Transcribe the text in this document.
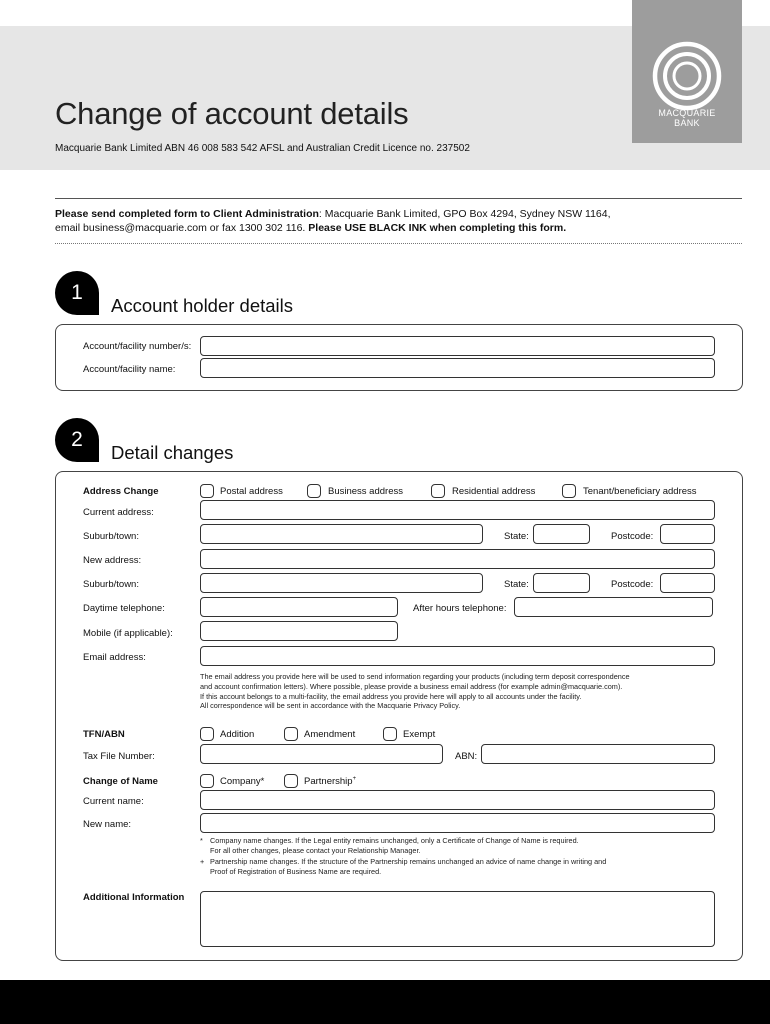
MACQUARIE
BANK
Change of account details
Macquarie Bank Limited ABN 46 008 583 542 AFSL and Australian Credit Licence no. 237502
Please send completed form to Client Administration: Macquarie Bank Limited, GPO Box 4294, Sydney NSW 1164,
email business@macquarie.com or fax 1300 302 116. Please USE BLACK INK when completing this form.
1
Account holder details
Account/facility number/s:
Account/facility name:
2
Detail changes
Address Change	Postal address	Business address	Residential address	Tenant/beneficiary address
Current address:
Suburb/town:	State:	Postcode:
New address:
Suburb/town:	State:	Postcode:
Daytime telephone:	After hours telephone:
Mobile (if applicable):
Email address:
The email address you provide here will be used to send information regarding your products (including term deposit correspondence
and account confirmation letters). Where possible, please provide a business email address (for example admin@macquarie.com).
If this account belongs to a multi-facility, the email address you provide here will apply to all accounts under the facility.
All correspondence will be sent in accordance with the Macquarie Privacy Policy.
TFN/ABN	Addition	Amendment	Exempt
Tax File Number:	ABN:
Change of Name	Company*	Partnership+
Current name:
New name:
* Company name changes. If the Legal entity remains unchanged, only a Certificate of Change of Name is required.
For all other changes, please contact your Relationship Manager.
+ Partnership name changes. If the structure of the Partnership remains unchanged an advice of name change in writing and
Proof of Registration of Business Name are required.
Additional Information
